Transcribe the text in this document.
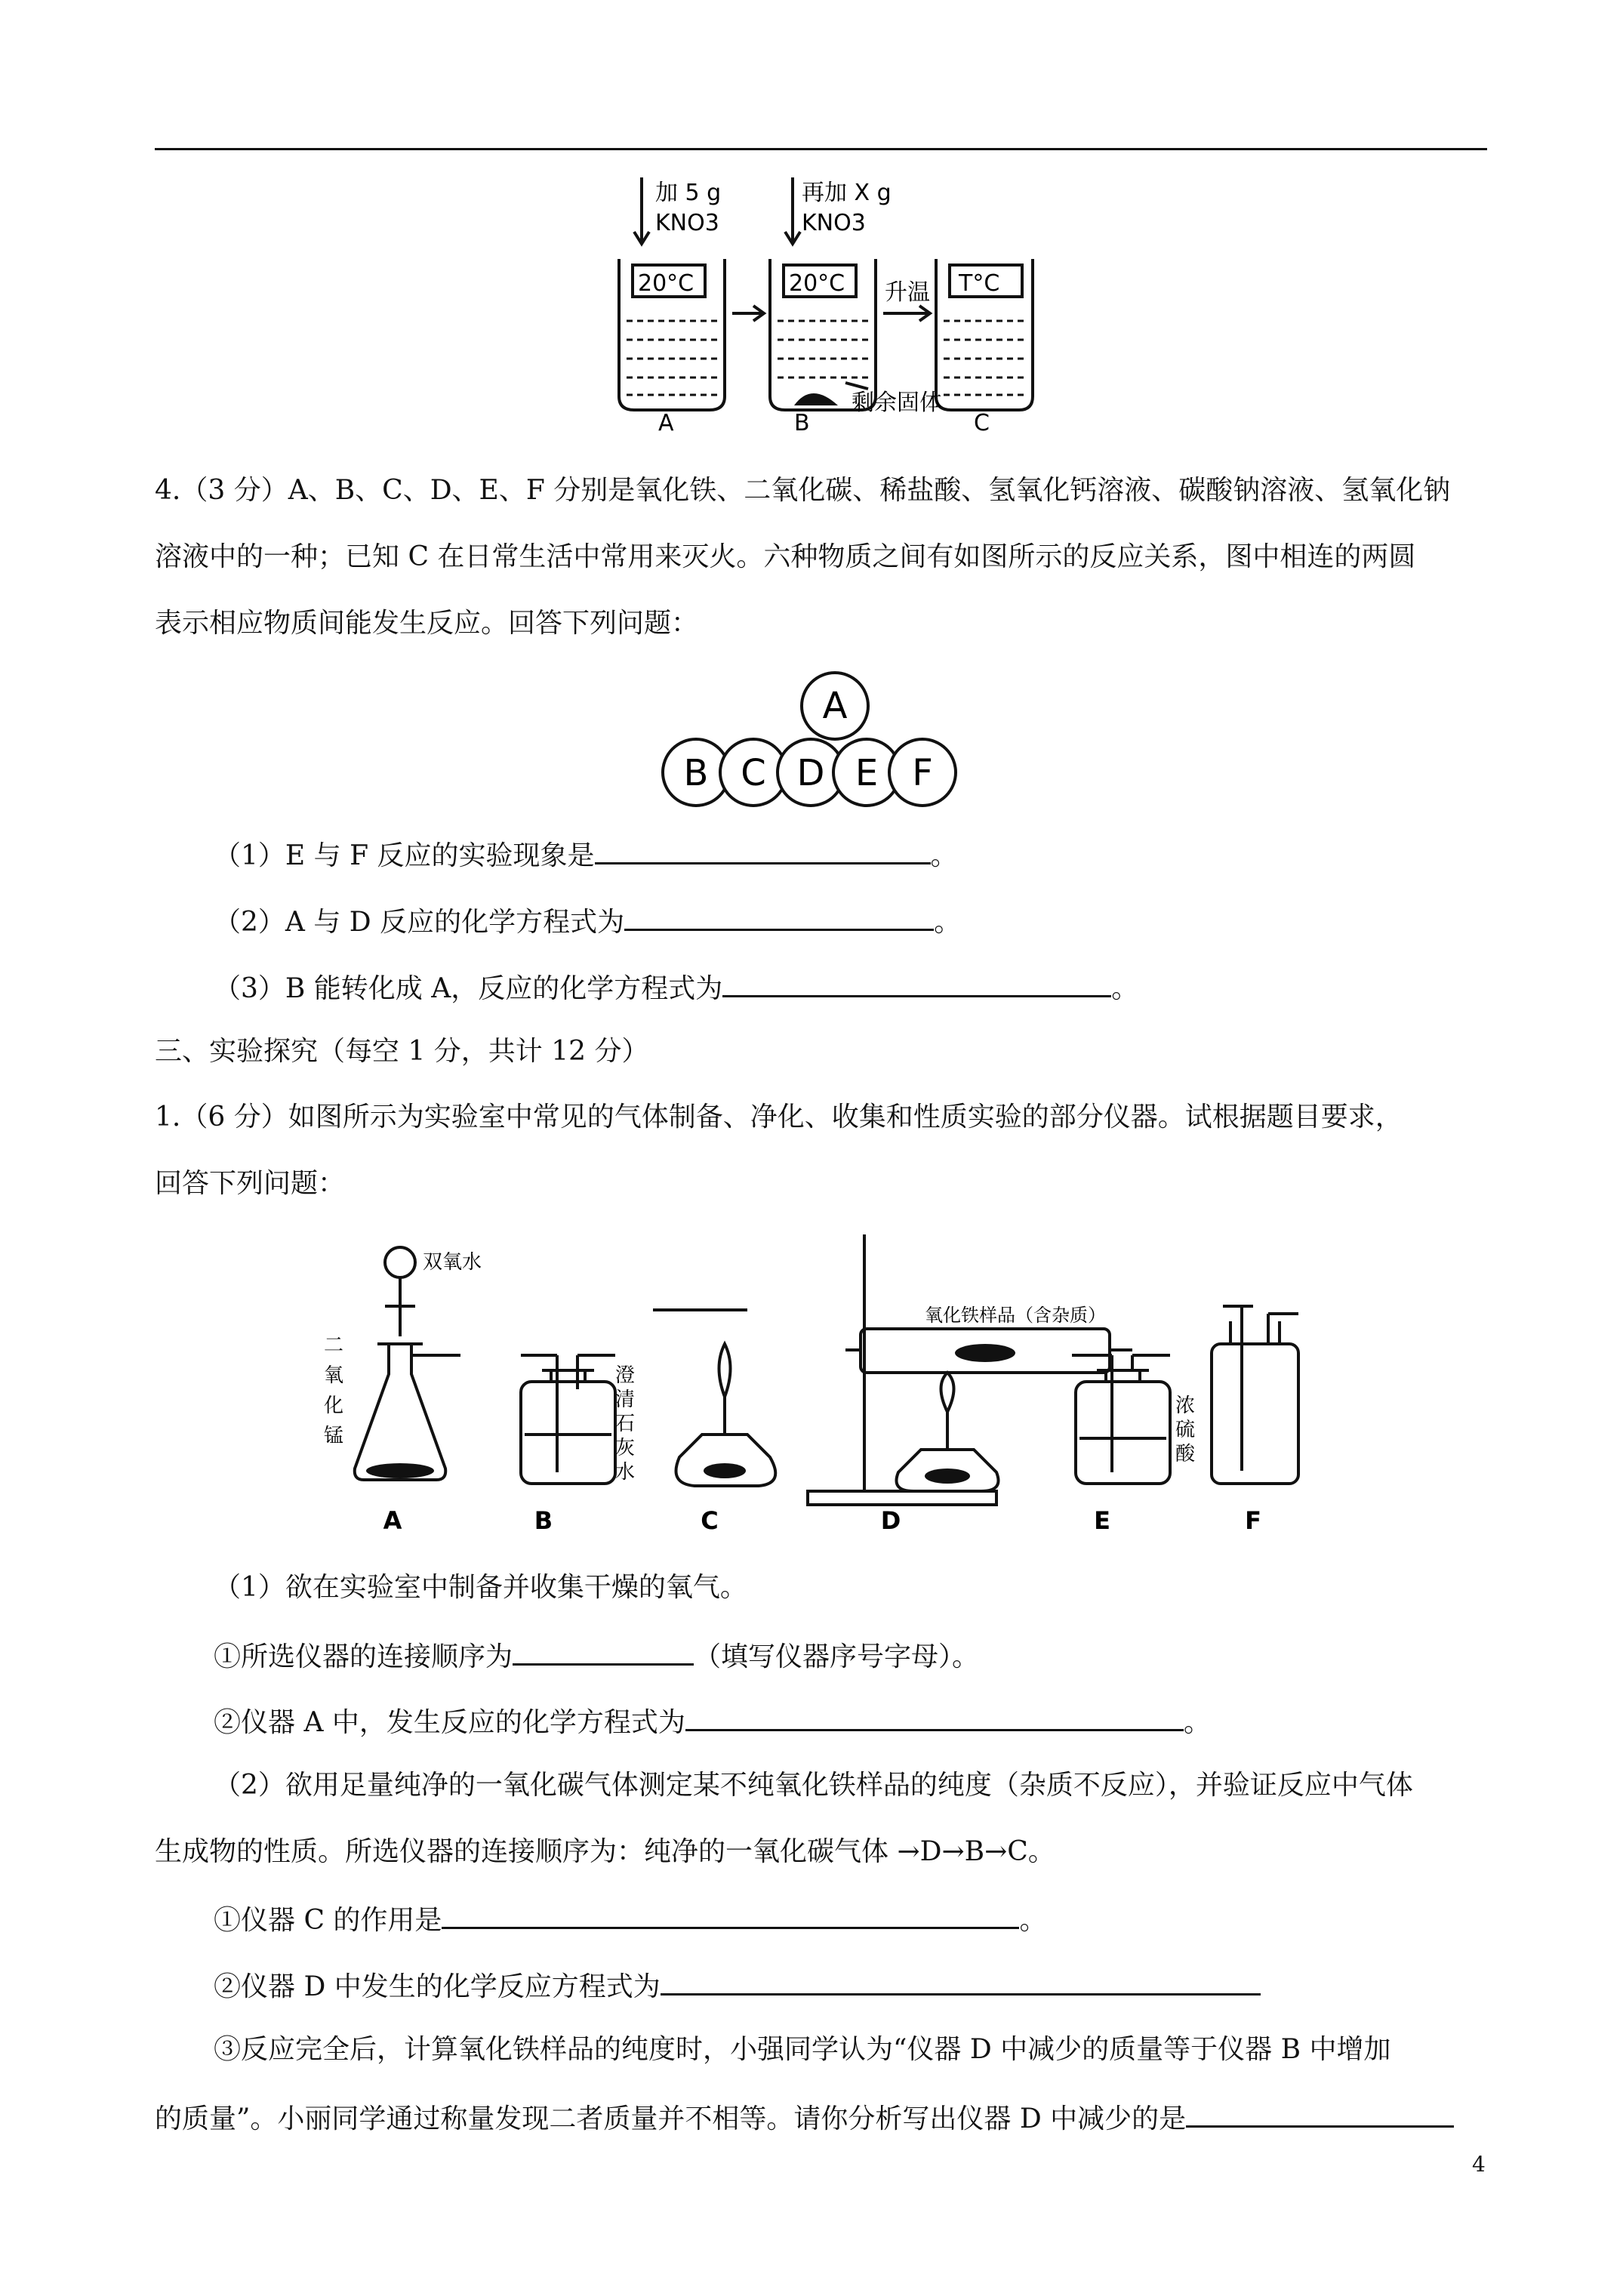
加 5 g
KNO3
再加 X g
KNO3
20°C	20°C	T°C
升温
剩余固体
A	B	C
4.（3 分）A、B、C、D、E、F 分别是氧化铁、二氧化碳、稀盐酸、氢氧化钙溶液、碳酸钠溶液、氢氧化钠
溶液中的一种；已知 C 在日常生活中常用来灭火。六种物质之间有如图所示的反应关系，图中相连的两圆
表示相应物质间能发生反应。回答下列问题：
A
B C D E F
（1）E 与 F 反应的实验现象是	。
（2）A 与 D 反应的化学方程式为	。
（3）B 能转化成 A，反应的化学方程式为	。
三、实验探究（每空 1 分，共计 12 分）
1.（6 分）如图所示为实验室中常见的气体制备、净化、收集和性质实验的部分仪器。试根据题目要求，
回答下列问题：
双氧水
氧化铁样品（含杂质）
二
氧
化
锰
澄
清
石
灰
水
浓
硫
酸
A	B	C	D	E	F
（1）欲在实验室中制备并收集干燥的氧气。
①所选仪器的连接顺序为	（填写仪器序号字母）。
②仪器 A 中，发生反应的化学方程式为	。
（2）欲用足量纯净的一氧化碳气体测定某不纯氧化铁样品的纯度（杂质不反应），并验证反应中气体
生成物的性质。所选仪器的连接顺序为：纯净的一氧化碳气体 →D→B→C。
①仪器 C 的作用是	。
②仪器 D 中发生的化学反应方程式为
③反应完全后，计算氧化铁样品的纯度时，小强同学认为“仪器 D 中减少的质量等于仪器 B 中增加
的质量”。小丽同学通过称量发现二者质量并不相等。请你分析写出仪器 D 中减少的是
4
